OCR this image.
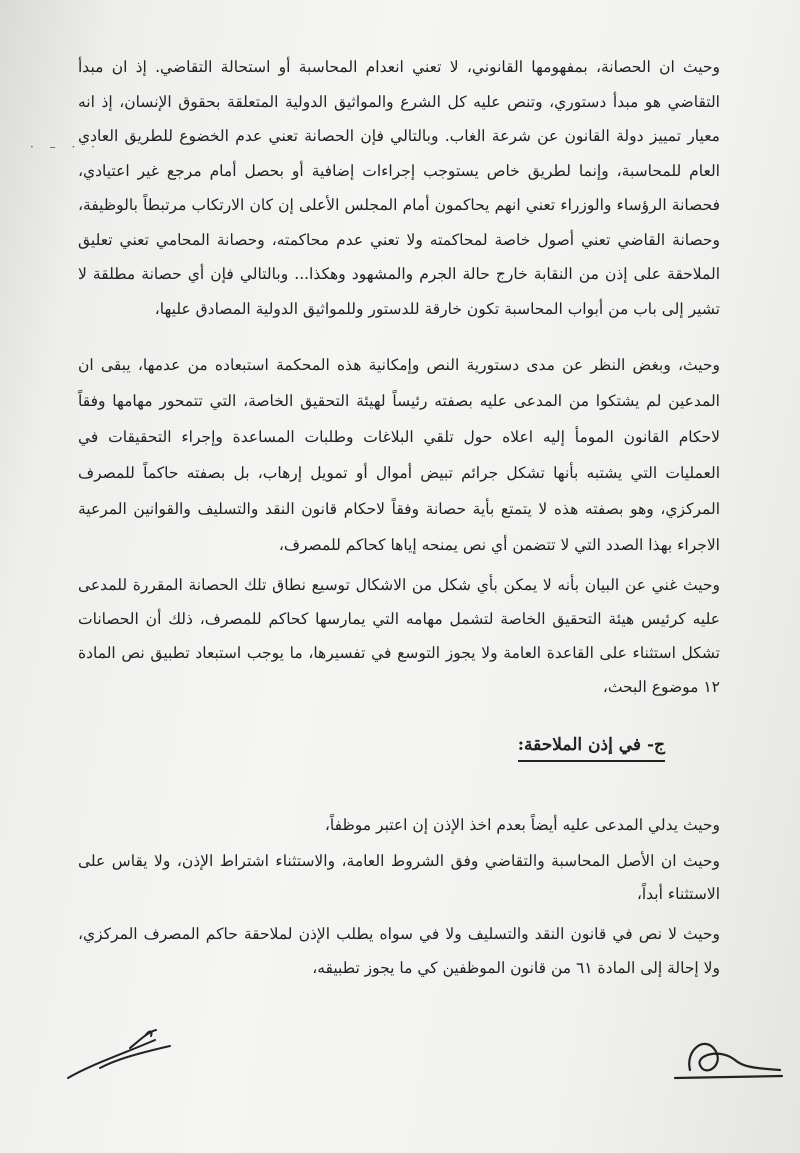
· – · ·

وحيث ان الحصانة، بمفهومها القانوني، لا تعني انعدام المحاسبة أو استحالة التقاضي. إذ ان مبدأ التقاضي هو مبدأ دستوري، وتنص عليه كل الشرع والمواثيق الدولية المتعلقة بحقوق الإنسان، إذ انه معيار تمييز دولة القانون عن شرعة الغاب. وبالتالي فإن الحصانة تعني عدم الخضوع للطريق العادي العام للمحاسبة، وإنما لطريق خاص يستوجب إجراءات إضافية أو بحصل أمام مرجع غير اعتيادي، فحصانة الرؤساء والوزراء تعني انهم يحاكمون أمام المجلس الأعلى إن كان الارتكاب مرتبطاً بالوظيفة، وحصانة القاضي تعني أصول خاصة لمحاكمته ولا تعني عدم محاكمته، وحصانة المحامي تعني تعليق الملاحقة على إذن من النقابة خارج حالة الجرم والمشهود وهكذا... وبالتالي فإن أي حصانة مطلقة لا تشير إلى باب من أبواب المحاسبة تكون خارقة للدستور وللمواثيق الدولية المصادق عليها،

وحيث، وبغض النظر عن مدى دستورية النص وإمكانية هذه المحكمة استبعاده من عدمها، يبقى ان المدعين لم يشتكوا من المدعى عليه بصفته رئيساً لهيئة التحقيق الخاصة، التي تتمحور مهامها وفقاً لاحكام القانون المومأ إليه اعلاه حول تلقي البلاغات وطلبات المساعدة وإجراء التحقيقات في العمليات التي يشتبه بأنها تشكل جرائم تبيض أموال أو تمويل إرهاب، بل بصفته حاكماً للمصرف المركزي، وهو بصفته هذه لا يتمتع بأية حصانة وفقاً لاحكام قانون النقد والتسليف والقوانين المرعية الاجراء بهذا الصدد التي لا تتضمن أي نص يمنحه إياها كحاكم للمصرف،

وحيث غني عن البيان بأنه لا يمكن بأي شكل من الاشكال توسيع نطاق تلك الحصانة المقررة للمدعى عليه كرئيس هيئة التحقيق الخاصة لتشمل مهامه التي يمارسها كحاكم للمصرف، ذلك أن الحصانات تشكل استثناء على القاعدة العامة ولا يجوز التوسع في تفسيرها، ما يوجب استبعاد تطبيق نص المادة ١٢ موضوع البحث،

ج- في إذن الملاحقة:

وحيث يدلي المدعى عليه أيضاً بعدم اخذ الإذن إن اعتبر موظفاً،

وحيث ان الأصل المحاسبة والتقاضي وفق الشروط العامة، والاستثناء اشتراط الإذن، ولا يقاس على الاستثناء أبداً،

وحيث لا نص في قانون النقد والتسليف ولا في سواه يطلب الإذن لملاحقة حاكم المصرف المركزي، ولا إحالة إلى المادة ٦١ من قانون الموظفين كي ما يجوز تطبيقه،
